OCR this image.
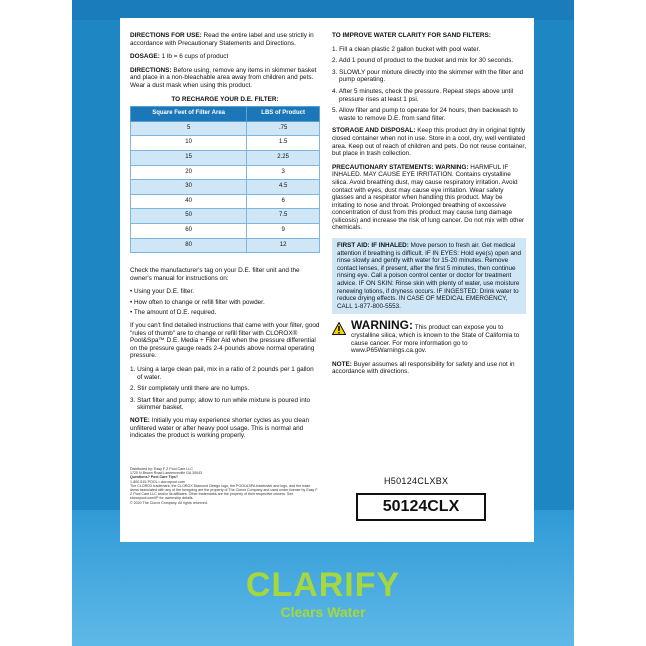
DIRECTIONS FOR USE: Read the entire label and use strictly in accordance with Precautionary Statements and Directions.

DOSAGE: 1 lb = 6 cups of product

DIRECTIONS: Before using, remove any items in skimmer basket and place in a non-bleachable area away from children and pets. Wear a dust mask when using this product.

TO RECHARGE YOUR D.E. FILTER:
Square Feet of Filter Area	LBS of Product
5	.75
10	1.5
15	2.25
20	3
30	4.5
40	6
50	7.5
60	9
80	12

Check the manufacturer's tag on your D.E. filter unit and the owner's manual for instructions on:

• Using your D.E. filter.
• How often to change or refill filter with powder.
• The amount of D.E. required.

If you can't find detailed instructions that came with your filter, good "rules of thumb" are to change or refill filter with CLOROX® Pool&Spa™ D.E. Media + Filter Aid when the pressure differential on the pressure gauge reads 2-4 pounds above normal operating pressure.

1. Using a large clean pail, mix in a ratio of 2 pounds per 1 gallon of water.
2. Stir completely until there are no lumps.
3. Start filter and pump; allow to run while mixture is poured into skimmer basket.

NOTE: Initially you may experience shorter cycles as you clean unfiltered water or after heavy pool usage. This is normal and indicates the product is working properly.

TO IMPROVE WATER CLARITY FOR SAND FILTERS:

1. Fill a clean plastic 2 gallon bucket with pool water.
2. Add 1 pound of product to the bucket and mix for 30 seconds.
3. SLOWLY pour mixture directly into the skimmer with the filter and pump operating.
4. After 5 minutes, check the pressure. Repeat steps above until pressure rises at least 1 psi.
5. Allow filter and pump to operate for 24 hours, then backwash to waste to remove D.E. from sand filter.

STORAGE AND DISPOSAL: Keep this product dry in original tightly closed container when not in use. Store in a cool, dry, well ventilated area. Keep out of reach of children and pets. Do not reuse container, but place in trash collection.

PRECAUTIONARY STATEMENTS: WARNING: HARMFUL IF INHALED. MAY CAUSE EYE IRRITATION. Contains crystalline silica. Avoid breathing dust, may cause respiratory irritation. Avoid contact with eyes, dust may cause eye irritation. Wear safety glasses and a respirator when handling this product. May be irritating to nose and throat. Prolonged breathing of excessive concentration of dust from this product may cause lung damage (silicosis) and increase the risk of lung cancer. Do not mix with other chemicals.

FIRST AID: IF INHALED: Move person to fresh air. Get medical attention if breathing is difficult. IF IN EYES: Hold eye(s) open and rinse slowly and gently with water for 15-20 minutes. Remove contact lenses, if present, after the first 5 minutes, then continue rinsing eye. Call a poison control center or doctor for treatment advice. IF ON SKIN: Rinse skin with plenty of water, use moisture renewing lotions, if dryness occurs. IF INGESTED: Drink water to reduce drying effects. IN CASE OF MEDICAL EMERGENCY, CALL 1-877-800-5553.
WARNING: This product can expose you to crystalline silica, which is known to the State of California to cause cancer. For more information go to www.P65Warnings.ca.gov.

NOTE: Buyer assumes all responsibility for safety and use not in accordance with directions.

Distributed by: Easy F Z Pool Care LLC
1725 N Brown Road Lawrenceville GA 30043
Questions? Pool Care Tips?
1-800-515-POOL • cloroxpool.com
The CLOROX trademark, the CLOROX Diamond Design logo, the POOL&SPA trademark and logo, and the trade dress associated with any of the foregoing are the property of The Clorox Company and used under license by Easy F Z Pool Care LLC and/or its affiliates. Other trademarks are the property of their respective owners. See cloroxpool.com/IP for ownership details.
© 2020 The Clorox Company. All rights reserved.
H50124CLXBX
50124CLX
CLARIFY
Clears Water
